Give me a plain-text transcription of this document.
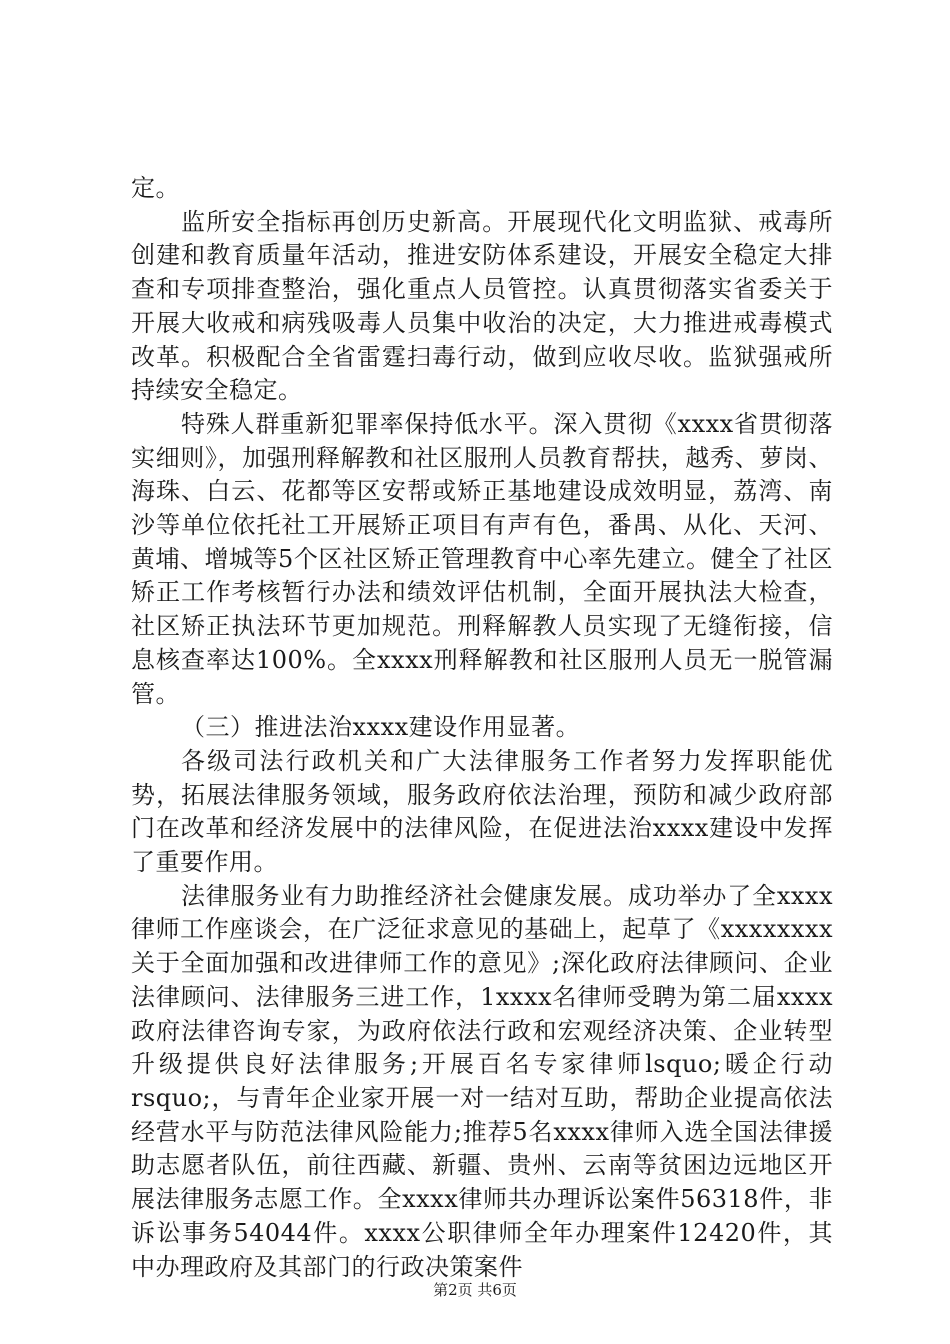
定。

监所安全指标再创历史新高。开展现代化文明监狱、戒毒所创建和教育质量年活动，推进安防体系建设，开展安全稳定大排查和专项排查整治，强化重点人员管控。认真贯彻落实省委关于开展大收戒和病残吸毒人员集中收治的决定，大力推进戒毒模式改革。积极配合全省雷霆扫毒行动，做到应收尽收。监狱强戒所持续安全稳定。

特殊人群重新犯罪率保持低水平。深入贯彻《xxxx省贯彻落实细则》，加强刑释解教和社区服刑人员教育帮扶，越秀、萝岗、海珠、白云、花都等区安帮或矫正基地建设成效明显，荔湾、南沙等单位依托社工开展矫正项目有声有色，番禺、从化、天河、黄埔、增城等5个区社区矫正管理教育中心率先建立。健全了社区矫正工作考核暂行办法和绩效评估机制，全面开展执法大检查，社区矫正执法环节更加规范。刑释解教人员实现了无缝衔接，信息核查率达100%。全xxxx刑释解教和社区服刑人员无一脱管漏管。

（三）推进法治xxxx建设作用显著。

各级司法行政机关和广大法律服务工作者努力发挥职能优势，拓展法律服务领域，服务政府依法治理，预防和减少政府部门在改革和经济发展中的法律风险，在促进法治xxxx建设中发挥了重要作用。

法律服务业有力助推经济社会健康发展。成功举办了全xxxx律师工作座谈会，在广泛征求意见的基础上，起草了《xxxxxxxx关于全面加强和改进律师工作的意见》;深化政府法律顾问、企业法律顾问、法律服务三进工作，1xxxx名律师受聘为第二届xxxx政府法律咨询专家，为政府依法行政和宏观经济决策、企业转型升级提供良好法律服务;开展百名专家律师lsquo;暖企行动rsquo;，与青年企业家开展一对一结对互助，帮助企业提高依法经营水平与防范法律风险能力;推荐5名xxxx律师入选全国法律援助志愿者队伍，前往西藏、新疆、贵州、云南等贫困边远地区开展法律服务志愿工作。全xxxx律师共办理诉讼案件56318件，非诉讼事务54044件。xxxx公职律师全年办理案件12420件，其中办理政府及其部门的行政决策案件

第2页 共6页
